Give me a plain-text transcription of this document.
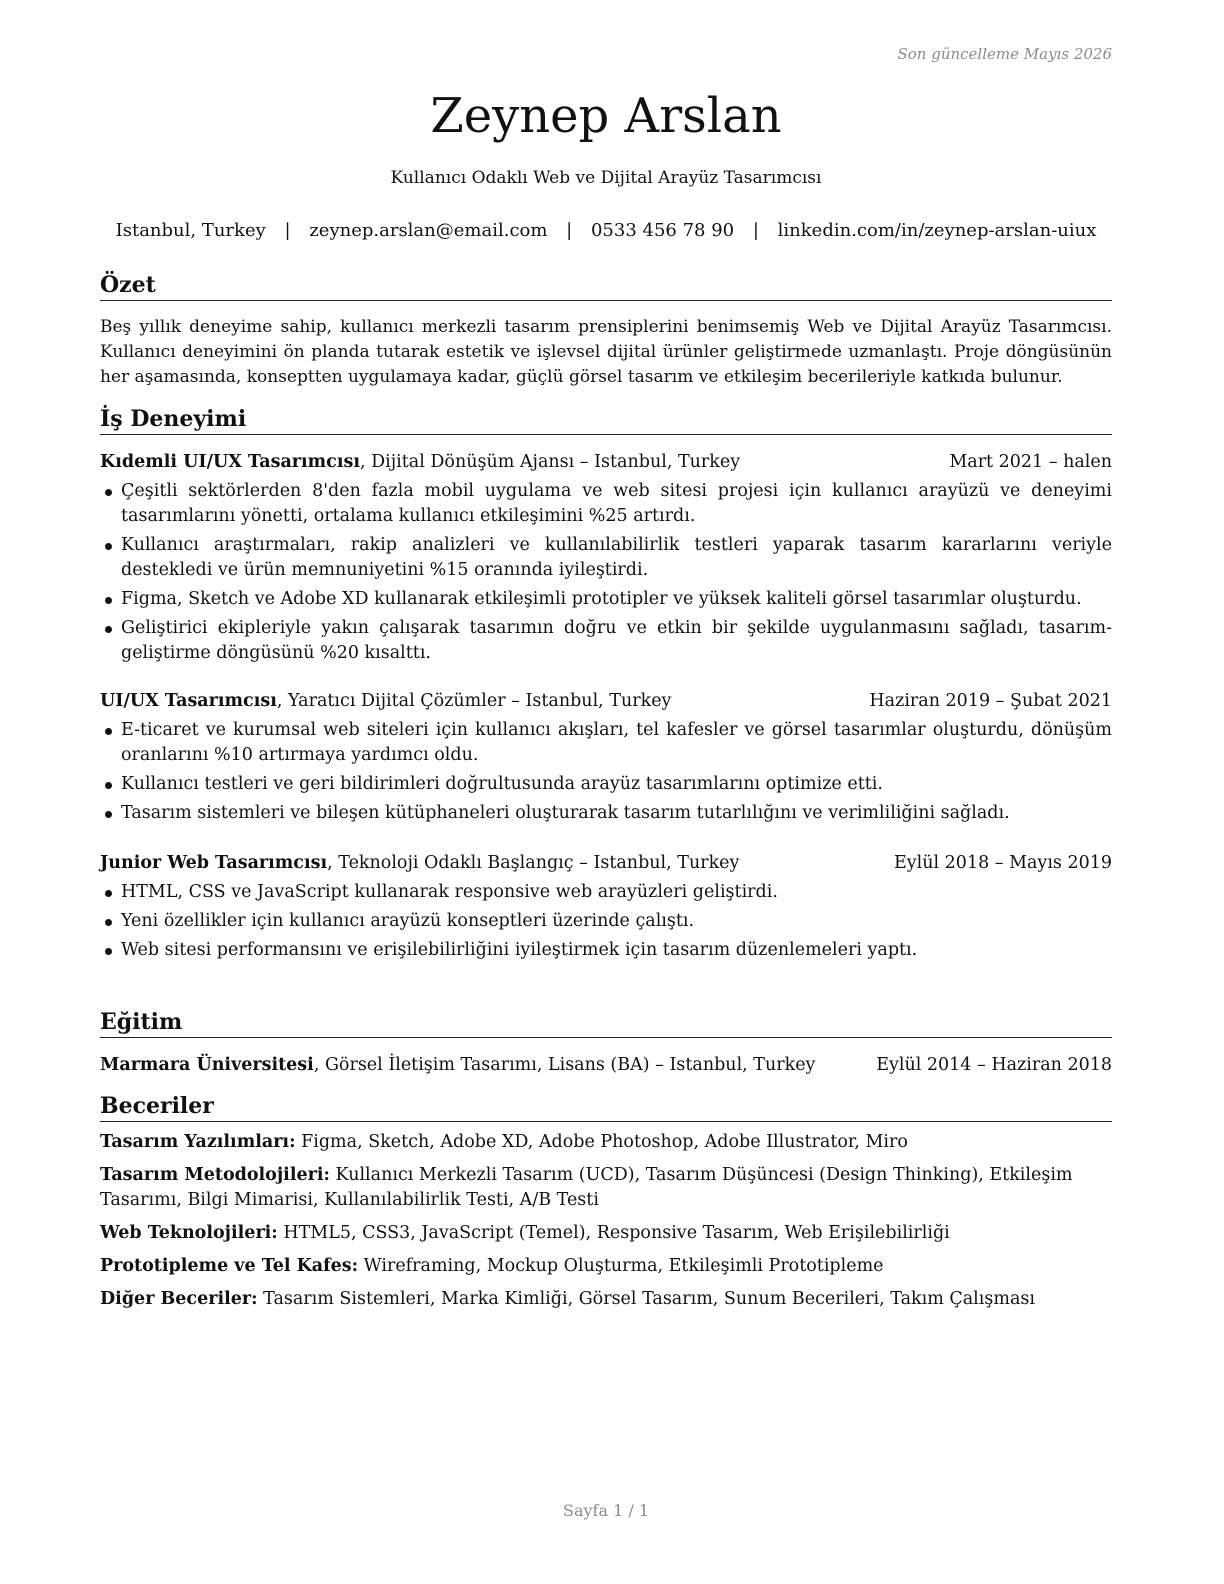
Son güncelleme Mayıs 2026
Zeynep Arslan
Kullanıcı Odaklı Web ve Dijital Arayüz Tasarımcısı
Istanbul, Turkey | zeynep.arslan@email.com | 0533 456 78 90 | linkedin.com/in/zeynep-arslan-uiux
Özet
Beş yıllık deneyime sahip, kullanıcı merkezli tasarım prensiplerini benimsemiş Web ve Dijital Arayüz Tasarımcısı. Kullanıcı deneyimini ön planda tutarak estetik ve işlevsel dijital ürünler geliştirmede uzmanlaştı. Proje döngüsünün her aşamasında, konseptten uygulamaya kadar, güçlü görsel tasarım ve etkileşim becerileriyle katkıda bulunur.
İş Deneyimi
Kıdemli UI/UX Tasarımcısı, Dijital Dönüşüm Ajansı – Istanbul, Turkey	Mart 2021 – halen
Çeşitli sektörlerden 8'den fazla mobil uygulama ve web sitesi projesi için kullanıcı arayüzü ve deneyimi tasarımlarını yönetti, ortalama kullanıcı etkileşimini %25 artırdı.
Kullanıcı araştırmaları, rakip analizleri ve kullanılabilirlik testleri yaparak tasarım kararlarını veriyle destekledi ve ürün memnuniyetini %15 oranında iyileştirdi.
Figma, Sketch ve Adobe XD kullanarak etkileşimli prototipler ve yüksek kaliteli görsel tasarımlar oluşturdu.
Geliştirici ekipleriyle yakın çalışarak tasarımın doğru ve etkin bir şekilde uygulanmasını sağladı, tasarım-geliştirme döngüsünü %20 kısalttı.
UI/UX Tasarımcısı, Yaratıcı Dijital Çözümler – Istanbul, Turkey	Haziran 2019 – Şubat 2021
E-ticaret ve kurumsal web siteleri için kullanıcı akışları, tel kafesler ve görsel tasarımlar oluşturdu, dönüşüm oranlarını %10 artırmaya yardımcı oldu.
Kullanıcı testleri ve geri bildirimleri doğrultusunda arayüz tasarımlarını optimize etti.
Tasarım sistemleri ve bileşen kütüphaneleri oluşturarak tasarım tutarlılığını ve verimliliğini sağladı.
Junior Web Tasarımcısı, Teknoloji Odaklı Başlangıç – Istanbul, Turkey	Eylül 2018 – Mayıs 2019
HTML, CSS ve JavaScript kullanarak responsive web arayüzleri geliştirdi.
Yeni özellikler için kullanıcı arayüzü konseptleri üzerinde çalıştı.
Web sitesi performansını ve erişilebilirliğini iyileştirmek için tasarım düzenlemeleri yaptı.
Eğitim
Marmara Üniversitesi, Görsel İletişim Tasarımı, Lisans (BA) – Istanbul, Turkey	Eylül 2014 – Haziran 2018
Beceriler
Tasarım Yazılımları: Figma, Sketch, Adobe XD, Adobe Photoshop, Adobe Illustrator, Miro
Tasarım Metodolojileri: Kullanıcı Merkezli Tasarım (UCD), Tasarım Düşüncesi (Design Thinking), Etkileşim Tasarımı, Bilgi Mimarisi, Kullanılabilirlik Testi, A/B Testi
Web Teknolojileri: HTML5, CSS3, JavaScript (Temel), Responsive Tasarım, Web Erişilebilirliği
Prototipleme ve Tel Kafes: Wireframing, Mockup Oluşturma, Etkileşimli Prototipleme
Diğer Beceriler: Tasarım Sistemleri, Marka Kimliği, Görsel Tasarım, Sunum Becerileri, Takım Çalışması
Sayfa 1 / 1
